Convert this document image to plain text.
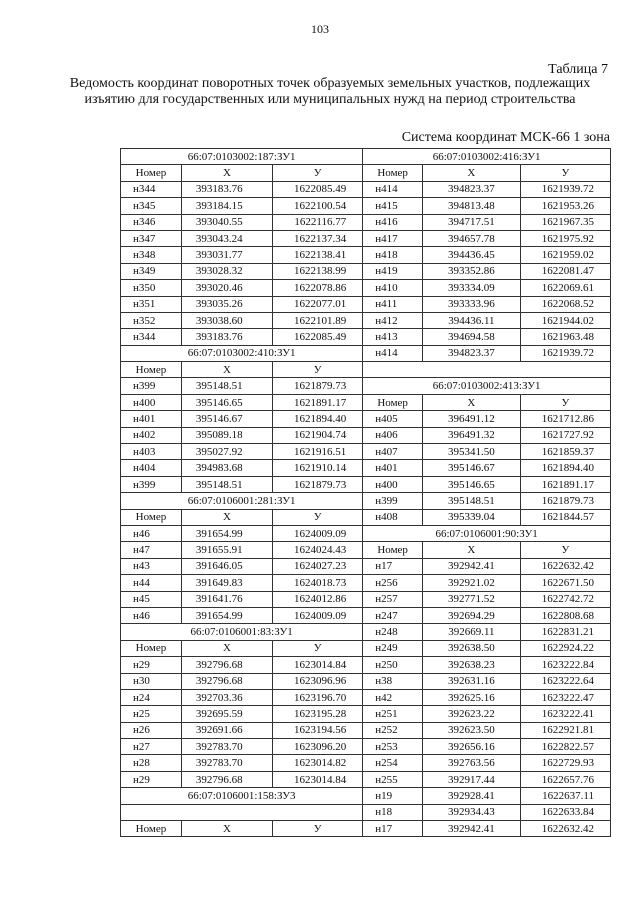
103
Таблица 7
Ведомость координат поворотных точек образуемых земельных участков, подлежащих изъятию для государственных или муниципальных нужд на период строительства
Система координат МСК-66 1 зона
66:07:0103002:187:ЗУ1			66:07:0103002:416:ЗУ1		
Номер	Х	У	Номер	Х	У
н344	393183.76	1622085.49	н414	394823.37	1621939.72
н345	393184.15	1622100.54	н415	394813.48	1621953.26
н346	393040.55	1622116.77	н416	394717.51	1621967.35
н347	393043.24	1622137.34	н417	394657.78	1621975.92
н348	393031.77	1622138.41	н418	394436.45	1621959.02
н349	393028.32	1622138.99	н419	393352.86	1622081.47
н350	393020.46	1622078.86	н410	393334.09	1622069.61
н351	393035.26	1622077.01	н411	393333.96	1622068.52
н352	393038.60	1622101.89	н412	394436.11	1621944.02
н344	393183.76	1622085.49	н413	394694.58	1621963.48
66:07:0103002:410:ЗУ1			н414	394823.37	1621939.72
Номер	Х	У			
н399	395148.51	1621879.73	66:07:0103002:413:ЗУ1		
н400	395146.65	1621891.17	Номер	Х	У
н401	395146.67	1621894.40	н405	396491.12	1621712.86
н402	395089.18	1621904.74	н406	396491.32	1621727.92
н403	395027.92	1621916.51	н407	395341.50	1621859.37
н404	394983.68	1621910.14	н401	395146.67	1621894.40
н399	395148.51	1621879.73	н400	395146.65	1621891.17
66:07:0106001:281:ЗУ1			н399	395148.51	1621879.73
Номер	Х	У	н408	395339.04	1621844.57
н46	391654.99	1624009.09	66:07:0106001:90:ЗУ1		
н47	391655.91	1624024.43	Номер	Х	У
н43	391646.05	1624027.23	н17	392942.41	1622632.42
н44	391649.83	1624018.73	н256	392921.02	1622671.50
н45	391641.76	1624012.86	н257	392771.52	1622742.72
н46	391654.99	1624009.09	н247	392694.29	1622808.68
66:07:0106001:83:ЗУ1			н248	392669.11	1622831.21
Номер	Х	У	н249	392638.50	1622924.22
н29	392796.68	1623014.84	н250	392638.23	1623222.84
н30	392796.68	1623096.96	н38	392631.16	1623222.64
н24	392703.36	1623196.70	н42	392625.16	1623222.47
н25	392695.59	1623195.28	н251	392623.22	1623222.41
н26	392691.66	1623194.56	н252	392623.50	1622921.81
н27	392783.70	1623096.20	н253	392656.16	1622822.57
н28	392783.70	1623014.82	н254	392763.56	1622729.93
н29	392796.68	1623014.84	н255	392917.44	1622657.76
66:07:0106001:158:ЗУ3			н19	392928.41	1622637.11
			н18	392934.43	1622633.84
Номер	Х	У	н17	392942.41	1622632.42
